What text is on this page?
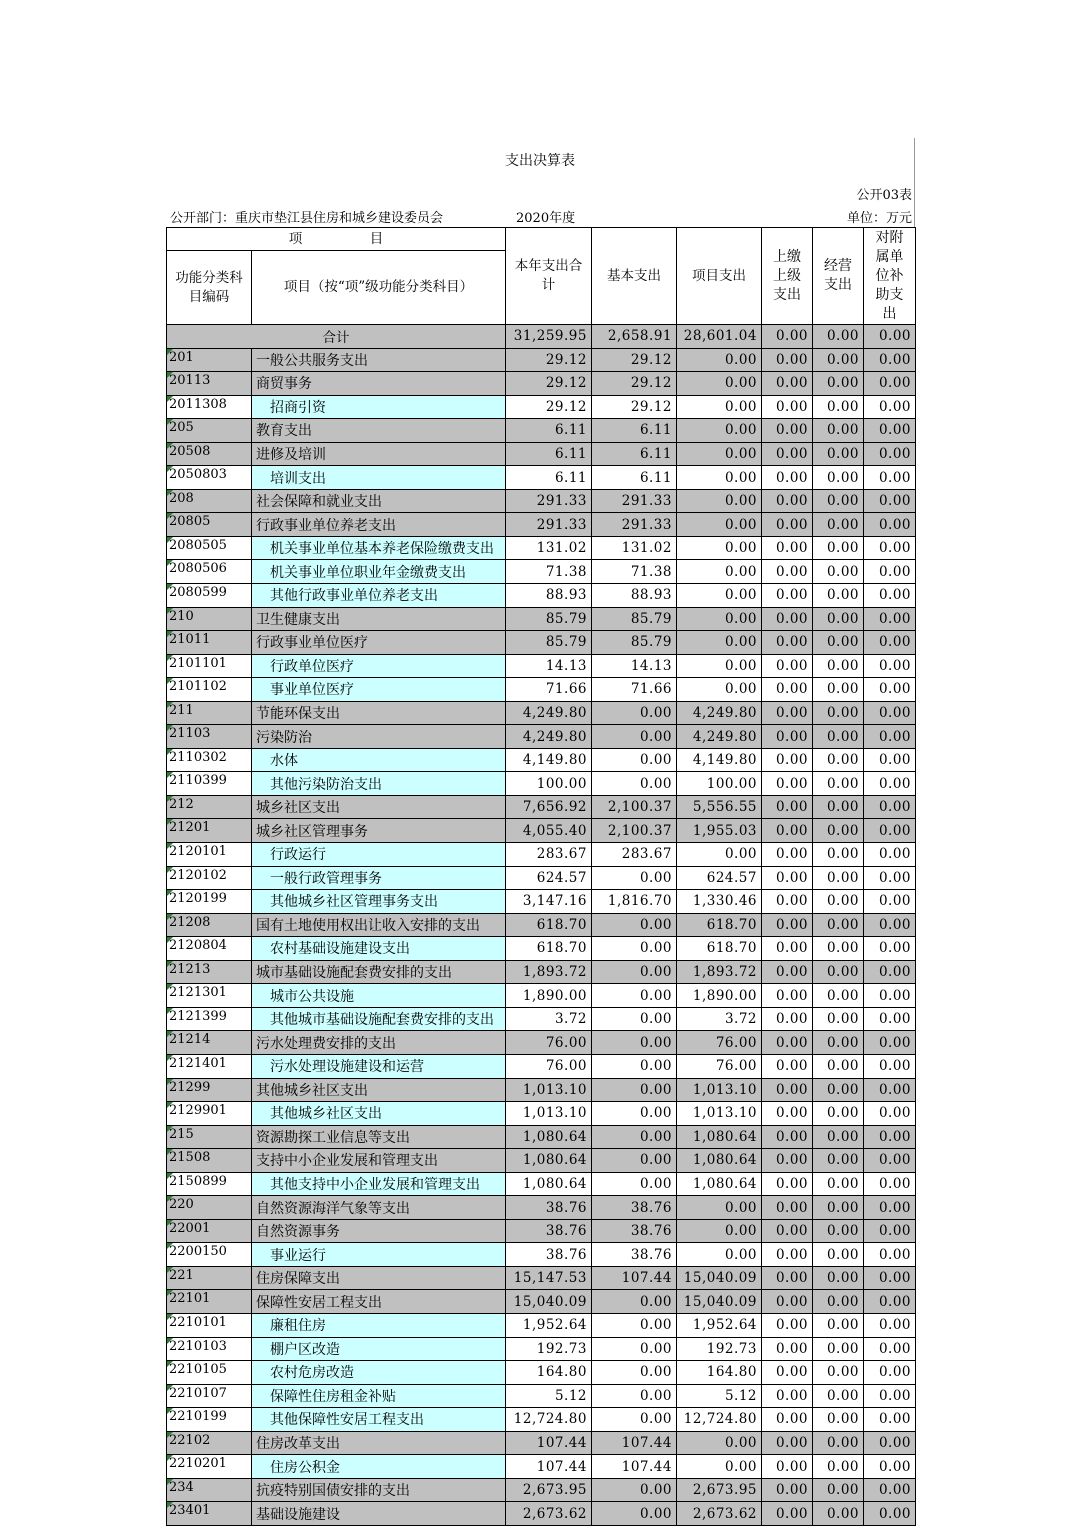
支出决算表
公开03表
公开部门：重庆市垫江县住房和城乡建设委员会	2020年度	单位：万元
项　　　　　目		本年支出合计	基本支出	项目支出	上缴上级支出	经营支出	对附属单位补助支出
功能分类科目编码	项目（按“项”级功能分类科目）						
合计		31,259.95	2,658.91	28,601.04	0.00	0.00	0.00
201	一般公共服务支出	29.12	29.12	0.00	0.00	0.00	0.00
20113	商贸事务	29.12	29.12	0.00	0.00	0.00	0.00
2011308	招商引资	29.12	29.12	0.00	0.00	0.00	0.00
205	教育支出	6.11	6.11	0.00	0.00	0.00	0.00
20508	进修及培训	6.11	6.11	0.00	0.00	0.00	0.00
2050803	培训支出	6.11	6.11	0.00	0.00	0.00	0.00
208	社会保障和就业支出	291.33	291.33	0.00	0.00	0.00	0.00
20805	行政事业单位养老支出	291.33	291.33	0.00	0.00	0.00	0.00
2080505	机关事业单位基本养老保险缴费支出	131.02	131.02	0.00	0.00	0.00	0.00
2080506	机关事业单位职业年金缴费支出	71.38	71.38	0.00	0.00	0.00	0.00
2080599	其他行政事业单位养老支出	88.93	88.93	0.00	0.00	0.00	0.00
210	卫生健康支出	85.79	85.79	0.00	0.00	0.00	0.00
21011	行政事业单位医疗	85.79	85.79	0.00	0.00	0.00	0.00
2101101	行政单位医疗	14.13	14.13	0.00	0.00	0.00	0.00
2101102	事业单位医疗	71.66	71.66	0.00	0.00	0.00	0.00
211	节能环保支出	4,249.80	0.00	4,249.80	0.00	0.00	0.00
21103	污染防治	4,249.80	0.00	4,249.80	0.00	0.00	0.00
2110302	水体	4,149.80	0.00	4,149.80	0.00	0.00	0.00
2110399	其他污染防治支出	100.00	0.00	100.00	0.00	0.00	0.00
212	城乡社区支出	7,656.92	2,100.37	5,556.55	0.00	0.00	0.00
21201	城乡社区管理事务	4,055.40	2,100.37	1,955.03	0.00	0.00	0.00
2120101	行政运行	283.67	283.67	0.00	0.00	0.00	0.00
2120102	一般行政管理事务	624.57	0.00	624.57	0.00	0.00	0.00
2120199	其他城乡社区管理事务支出	3,147.16	1,816.70	1,330.46	0.00	0.00	0.00
21208	国有土地使用权出让收入安排的支出	618.70	0.00	618.70	0.00	0.00	0.00
2120804	农村基础设施建设支出	618.70	0.00	618.70	0.00	0.00	0.00
21213	城市基础设施配套费安排的支出	1,893.72	0.00	1,893.72	0.00	0.00	0.00
2121301	城市公共设施	1,890.00	0.00	1,890.00	0.00	0.00	0.00
2121399	其他城市基础设施配套费安排的支出	3.72	0.00	3.72	0.00	0.00	0.00
21214	污水处理费安排的支出	76.00	0.00	76.00	0.00	0.00	0.00
2121401	污水处理设施建设和运营	76.00	0.00	76.00	0.00	0.00	0.00
21299	其他城乡社区支出	1,013.10	0.00	1,013.10	0.00	0.00	0.00
2129901	其他城乡社区支出	1,013.10	0.00	1,013.10	0.00	0.00	0.00
215	资源勘探工业信息等支出	1,080.64	0.00	1,080.64	0.00	0.00	0.00
21508	支持中小企业发展和管理支出	1,080.64	0.00	1,080.64	0.00	0.00	0.00
2150899	其他支持中小企业发展和管理支出	1,080.64	0.00	1,080.64	0.00	0.00	0.00
220	自然资源海洋气象等支出	38.76	38.76	0.00	0.00	0.00	0.00
22001	自然资源事务	38.76	38.76	0.00	0.00	0.00	0.00
2200150	事业运行	38.76	38.76	0.00	0.00	0.00	0.00
221	住房保障支出	15,147.53	107.44	15,040.09	0.00	0.00	0.00
22101	保障性安居工程支出	15,040.09	0.00	15,040.09	0.00	0.00	0.00
2210101	廉租住房	1,952.64	0.00	1,952.64	0.00	0.00	0.00
2210103	棚户区改造	192.73	0.00	192.73	0.00	0.00	0.00
2210105	农村危房改造	164.80	0.00	164.80	0.00	0.00	0.00
2210107	保障性住房租金补贴	5.12	0.00	5.12	0.00	0.00	0.00
2210199	其他保障性安居工程支出	12,724.80	0.00	12,724.80	0.00	0.00	0.00
22102	住房改革支出	107.44	107.44	0.00	0.00	0.00	0.00
2210201	住房公积金	107.44	107.44	0.00	0.00	0.00	0.00
234	抗疫特别国债安排的支出	2,673.95	0.00	2,673.95	0.00	0.00	0.00
23401	基础设施建设	2,673.62	0.00	2,673.62	0.00	0.00	0.00
